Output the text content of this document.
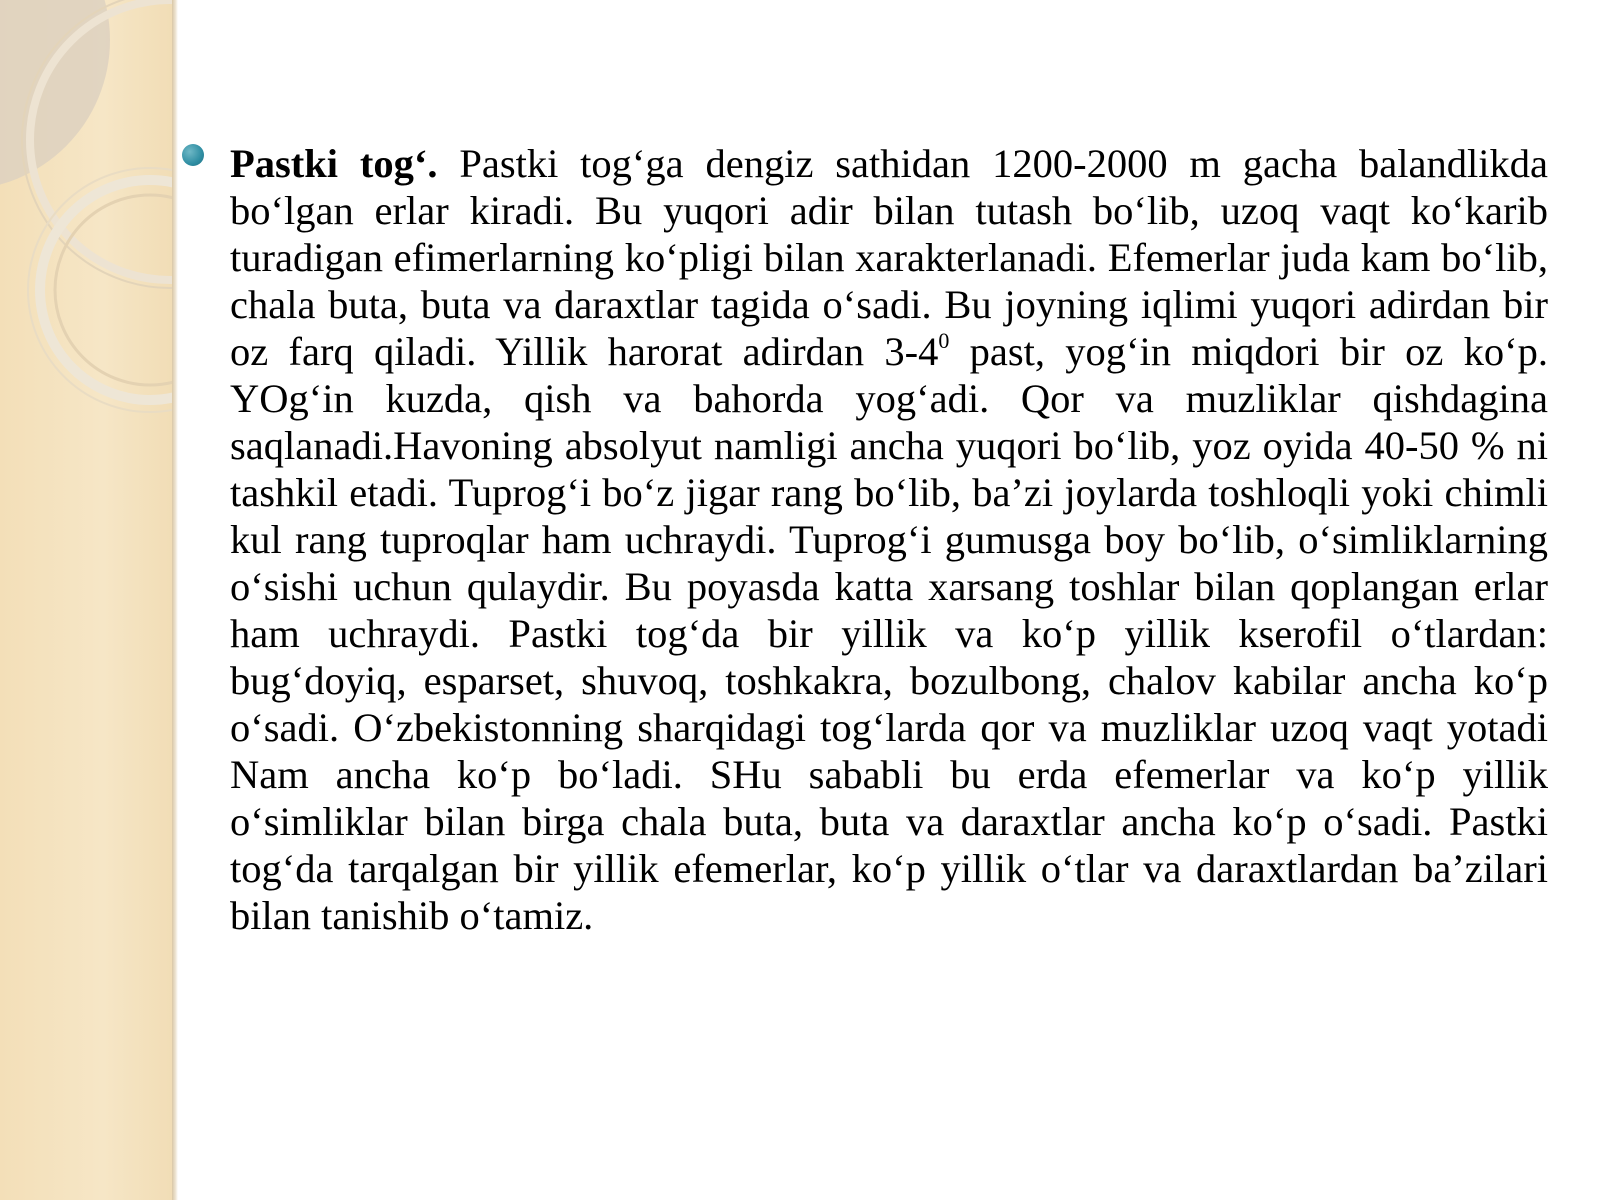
Pastki tog‘. Pastki tog‘ga dengiz sathidan 1200-2000 m gacha balandlikda bo‘lgan erlar kiradi. Bu yuqori adir bilan tutash bo‘lib, uzoq vaqt ko‘karib turadigan efimerlarning ko‘pligi bilan xarakterlanadi. Efemerlar juda kam bo‘lib, chala buta, buta va daraxtlar tagida o‘sadi. Bu joyning iqlimi yuqori adirdan bir oz farq qiladi. Yillik harorat adirdan $3-4^0$ past, yog‘in miqdori bir oz ko‘p. YOg‘in kuzda, qish va bahorda yog‘adi. Qor va muzliklar qishdagina saqlanadi.Havoning absolyut namligi ancha yuqori bo‘lib, yoz oyida 40-50 % ni tashkil etadi. Tuprog‘i bo‘z jigar rang bo‘lib, ba’zi joylarda toshloqli yoki chimli kul rang tuproqlar ham uchraydi. Tuprog‘i gumusga boy bo‘lib, o‘simliklarning o‘sishi uchun qulaydir. Bu poyasda katta xarsang toshlar bilan qoplangan erlar ham uchraydi. Pastki tog‘da bir yillik va ko‘p yillik kserofil o‘tlardan: bug‘doyiq, esparset, shuvoq, toshkakra, bozulbong, chalov kabilar ancha ko‘p o‘sadi. O‘zbekistonning sharqidagi tog‘larda qor va muzliklar uzoq vaqt yotadi Nam ancha ko‘p bo‘ladi. SHu sababli bu erda efemerlar va ko‘p yillik o‘simliklar bilan birga chala buta, buta va daraxtlar ancha ko‘p o‘sadi. Pastki tog‘da tarqalgan bir yillik efemerlar, ko‘p yillik o‘tlar va daraxtlardan ba’zilari bilan tanishib o‘tamiz.
